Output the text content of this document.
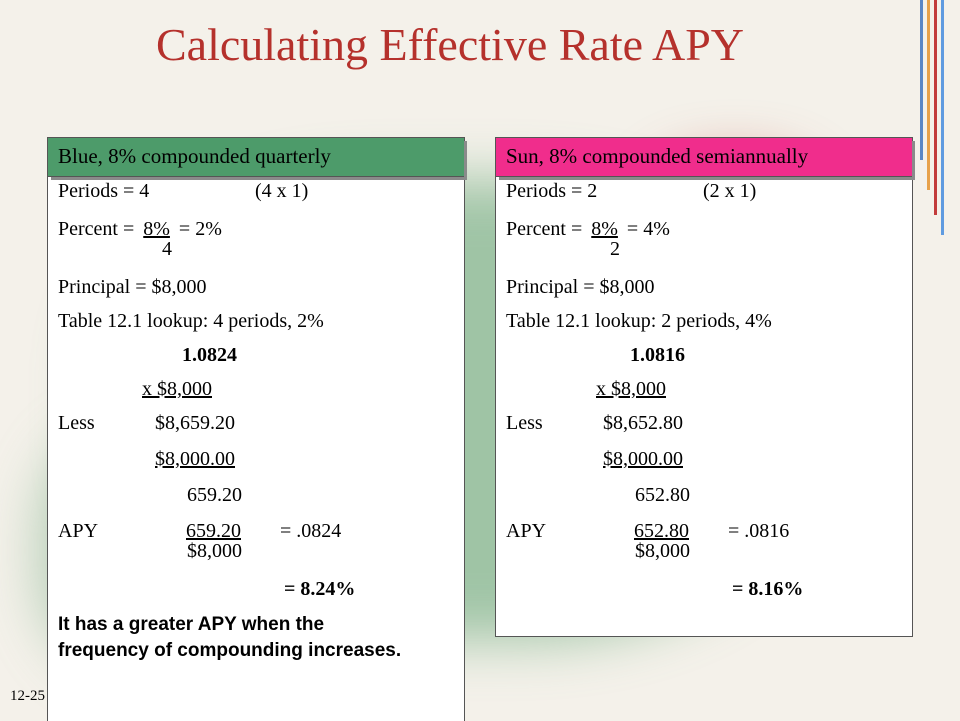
Calculating Effective Rate APY
Blue, 8% compounded quarterly
Periods = 4	(4 x 1)
Percent = 8% = 2%
4
Principal = $8,000
Table 12.1 lookup: 4 periods, 2%
1.0824
x $8,000
Less	$8,659.20
$8,000.00
659.20
APY	659.20	= .0824
$8,000
= 8.24%
It has a greater APY when the frequency of compounding increases.
Sun, 8% compounded semiannually
Periods = 2	(2 x 1)
Percent = 8% = 4%
2
Principal = $8,000
Table 12.1 lookup: 2 periods, 4%
1.0816
x $8,000
Less	$8,652.80
$8,000.00
652.80
APY	652.80	= .0816
$8,000
= 8.16%
12-25
